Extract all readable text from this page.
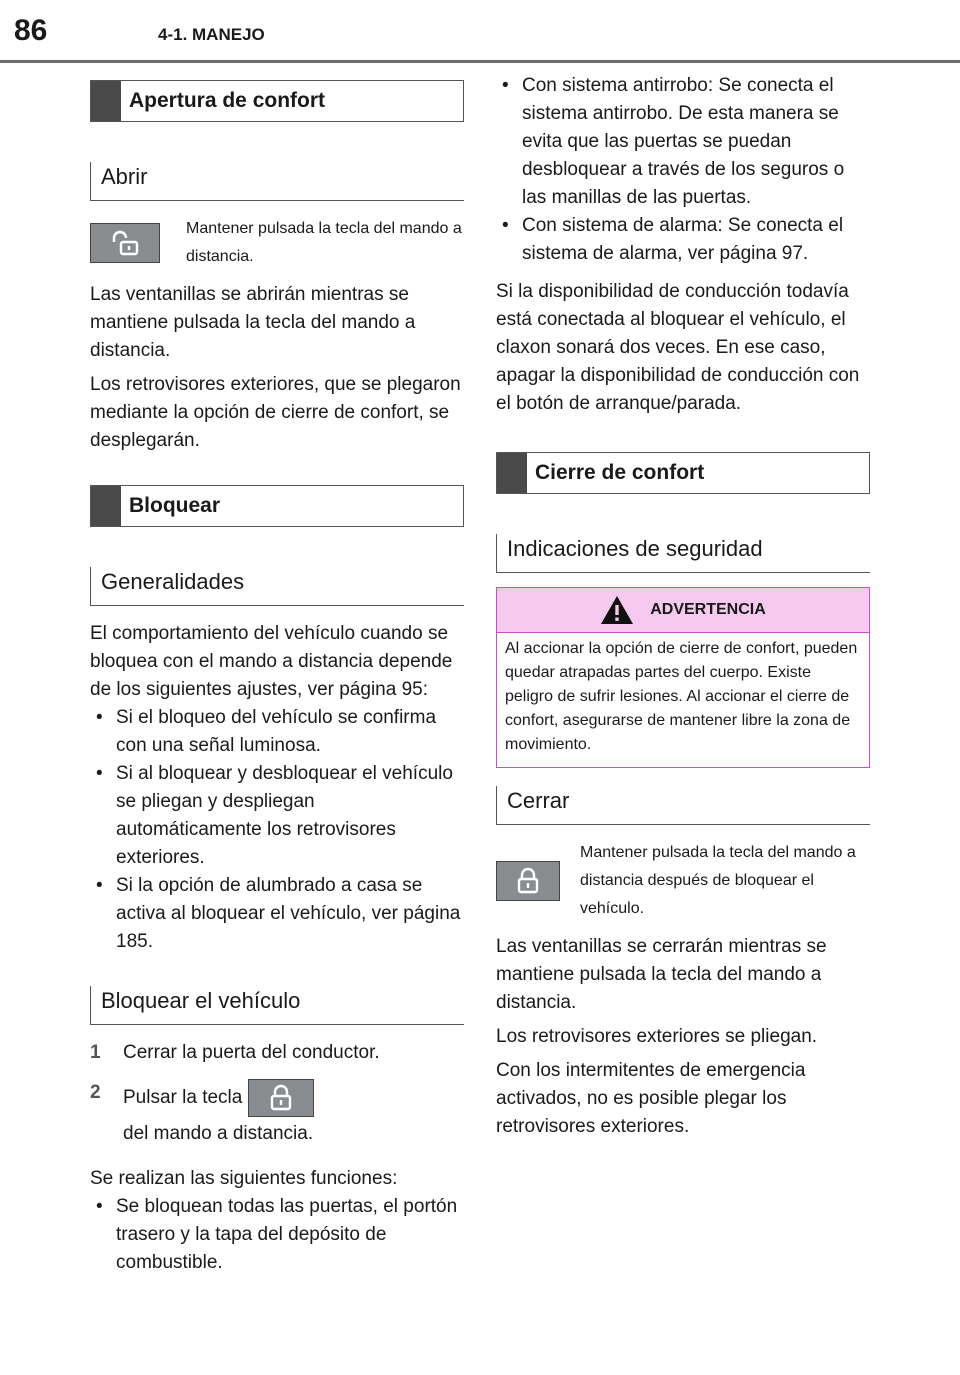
86	4-1. MANEJO
Apertura de confort
Abrir
Mantener pulsada la tecla del mando a distancia.

Las ventanillas se abrirán mientras se mantiene pulsada la tecla del mando a distancia.

Los retrovisores exteriores, que se plegaron mediante la opción de cierre de confort, se desplegarán.

Bloquear
Generalidades

El comportamiento del vehículo cuando se bloquea con el mando a distancia depende de los siguientes ajustes, ver página 95:

• Si el bloqueo del vehículo se confirma con una señal luminosa.
• Si al bloquear y desbloquear el vehículo se pliegan y despliegan automáticamente los retrovisores exteriores.
• Si la opción de alumbrado a casa se activa al bloquear el vehículo, ver página 185.
Bloquear el vehículo
1	Cerrar la puerta del conductor.
2	Pulsar la tecla
del mando a distancia.

Se realizan las siguientes funciones:

• Se bloquean todas las puertas, el portón trasero y la tapa del depósito de combustible.
• Con sistema antirrobo: Se conecta el sistema antirrobo. De esta manera se evita que las puertas se puedan desbloquear a través de los seguros o las manillas de las puertas.
• Con sistema de alarma: Se conecta el sistema de alarma, ver página 97.

Si la disponibilidad de conducción todavía está conectada al bloquear el vehículo, el claxon sonará dos veces. En ese caso, apagar la disponibilidad de conducción con el botón de arranque/parada.

Cierre de confort
Indicaciones de seguridad
ADVERTENCIA
Al accionar la opción de cierre de confort, pueden quedar atrapadas partes del cuerpo. Existe peligro de sufrir lesiones. Al accionar el cierre de confort, asegurarse de mantener libre la zona de movimiento.
Cerrar
Mantener pulsada la tecla del mando a distancia después de bloquear el vehículo.

Las ventanillas se cerrarán mientras se mantiene pulsada la tecla del mando a distancia.

Los retrovisores exteriores se pliegan.

Con los intermitentes de emergencia activados, no es posible plegar los retrovisores exteriores.
